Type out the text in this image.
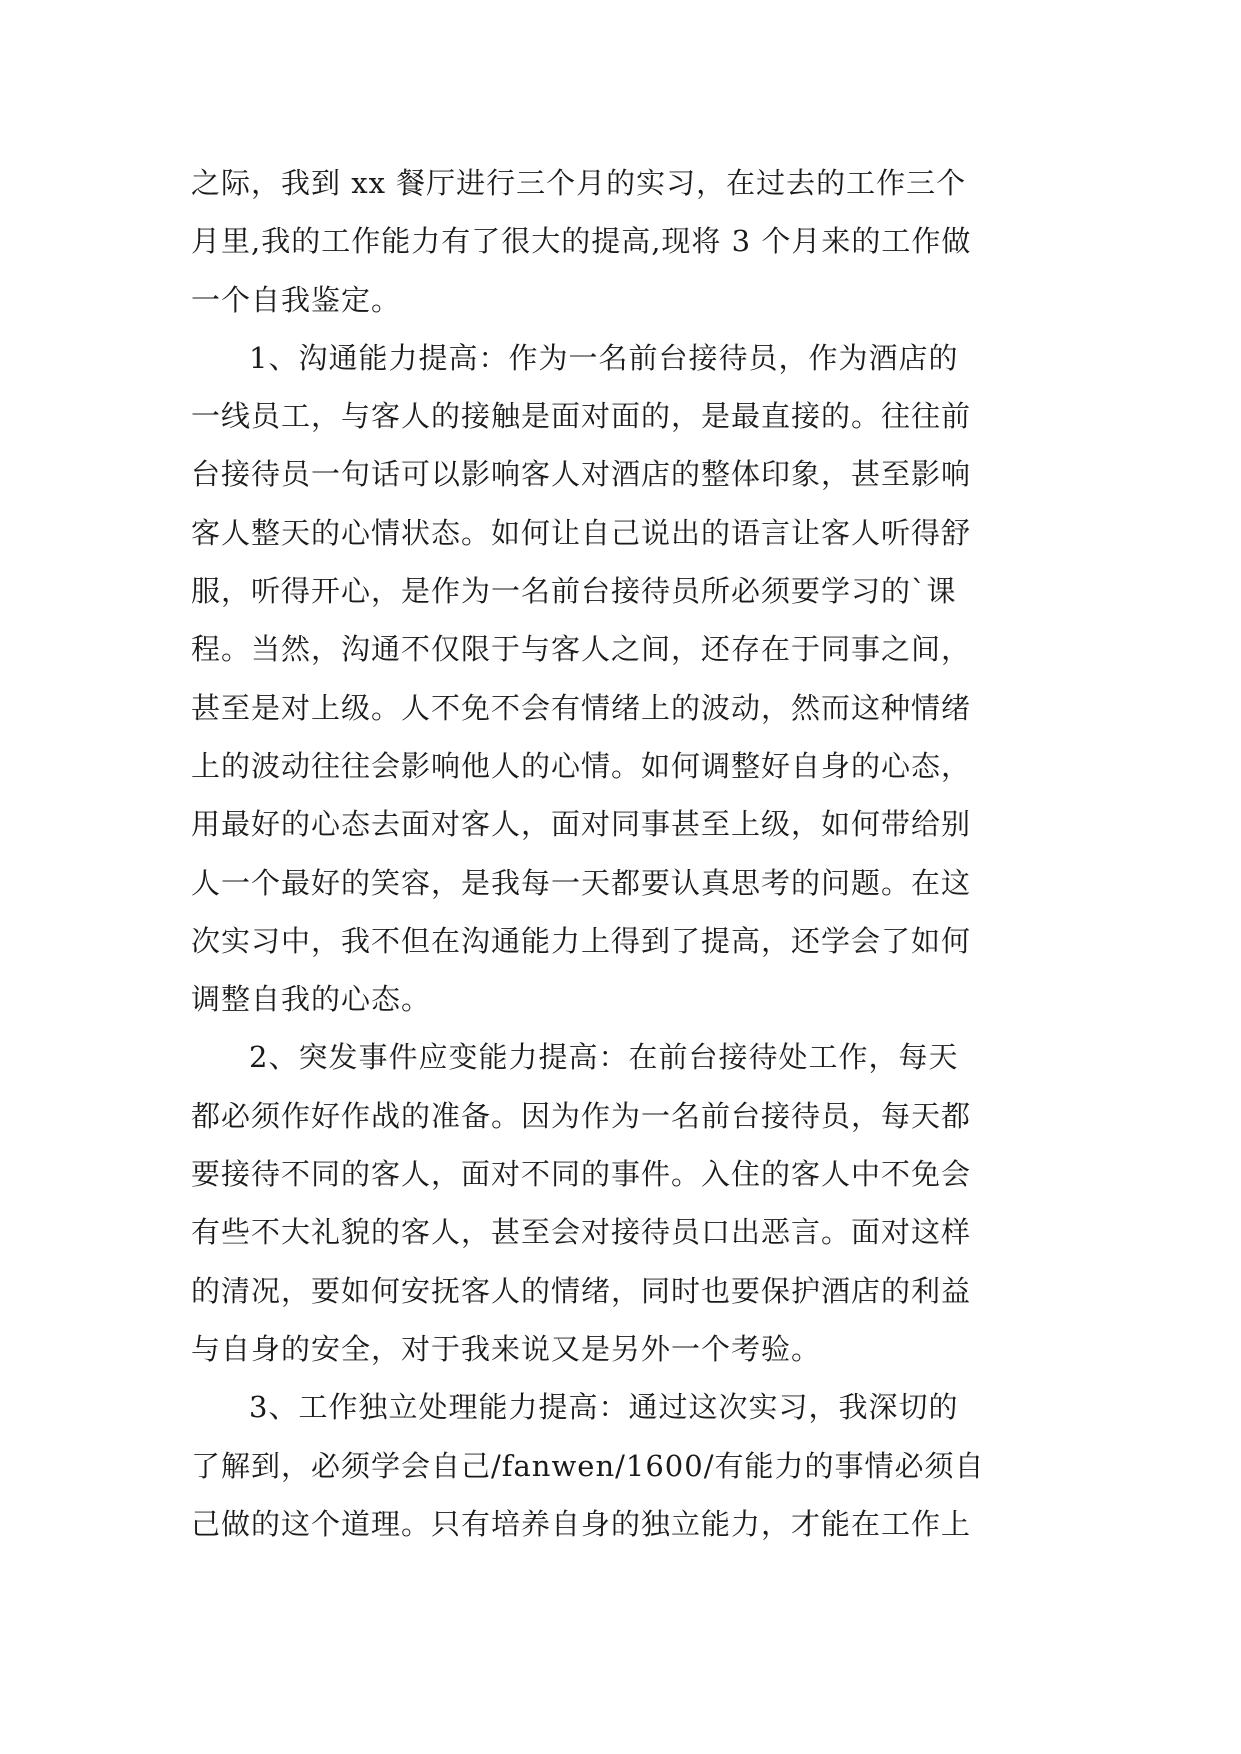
之际，我到 xx 餐厅进行三个月的实习，在过去的工作三个
月里,我的工作能力有了很大的提高,现将 3 个月来的工作做
一个自我鉴定。
1、沟通能力提高：作为一名前台接待员，作为酒店的
一线员工，与客人的接触是面对面的，是最直接的。往往前
台接待员一句话可以影响客人对酒店的整体印象，甚至影响
客人整天的心情状态。如何让自己说出的语言让客人听得舒
服，听得开心，是作为一名前台接待员所必须要学习的`课
程。当然，沟通不仅限于与客人之间，还存在于同事之间，
甚至是对上级。人不免不会有情绪上的波动，然而这种情绪
上的波动往往会影响他人的心情。如何调整好自身的心态，
用最好的心态去面对客人，面对同事甚至上级，如何带给别
人一个最好的笑容，是我每一天都要认真思考的问题。在这
次实习中，我不但在沟通能力上得到了提高，还学会了如何
调整自我的心态。
2、突发事件应变能力提高：在前台接待处工作，每天
都必须作好作战的准备。因为作为一名前台接待员，每天都
要接待不同的客人，面对不同的事件。入住的客人中不免会
有些不大礼貌的客人，甚至会对接待员口出恶言。面对这样
的清况，要如何安抚客人的情绪，同时也要保护酒店的利益
与自身的安全，对于我来说又是另外一个考验。
3、工作独立处理能力提高：通过这次实习，我深切的
了解到，必须学会自己/fanwen/1600/有能力的事情必须自
己做的这个道理。只有培养自身的独立能力，才能在工作上
